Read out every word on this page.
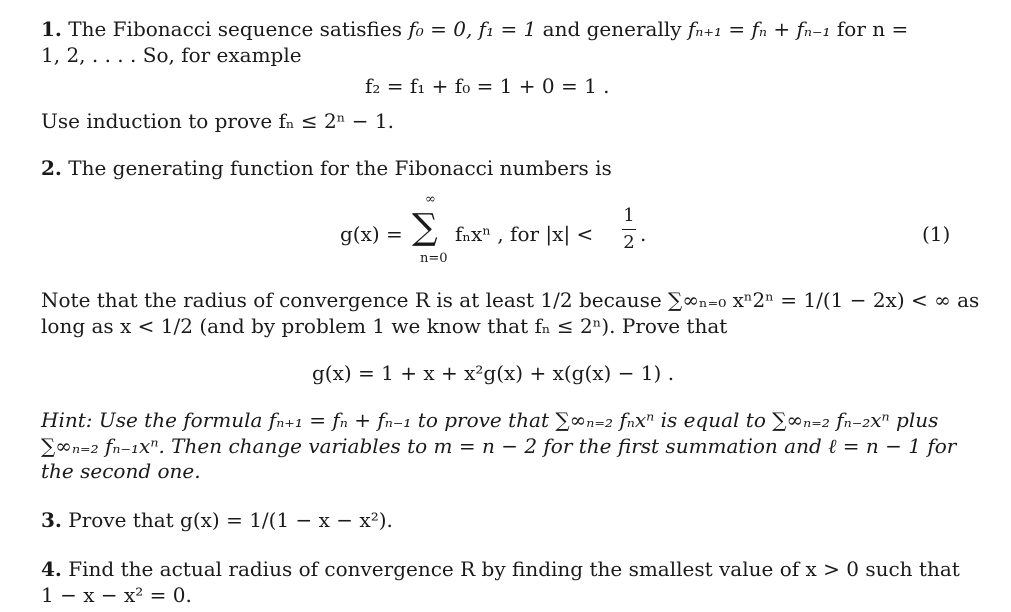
1. The Fibonacci sequence satisfies f₀ = 0, f₁ = 1 and generally fₙ₊₁ = fₙ + fₙ₋₁ for n =
1, 2, . . . . So, for example
f₂ = f₁ + f₀ = 1 + 0 = 1 .
Use induction to prove fₙ ≤ 2ⁿ − 1.
2. The generating function for the Fibonacci numbers is
g(x) =
∞
∑
n=0
fₙxⁿ , for |x| <
1
2 .	(1)
Note that the radius of convergence R is at least 1/2 because ∑∞ₙ₌₀ xⁿ2ⁿ = 1/(1 − 2x) < ∞ as
long as x < 1/2 (and by problem 1 we know that fₙ ≤ 2ⁿ). Prove that
g(x) = 1 + x + x²g(x) + x(g(x) − 1) .
Hint: Use the formula fₙ₊₁ = fₙ + fₙ₋₁ to prove that ∑∞ₙ₌₂ fₙxⁿ is equal to ∑∞ₙ₌₂ fₙ₋₂xⁿ plus
∑∞ₙ₌₂ fₙ₋₁xⁿ. Then change variables to m = n − 2 for the first summation and ℓ = n − 1 for
the second one.
3. Prove that g(x) = 1/(1 − x − x²).
4. Find the actual radius of convergence R by finding the smallest value of x > 0 such that
1 − x − x² = 0.
